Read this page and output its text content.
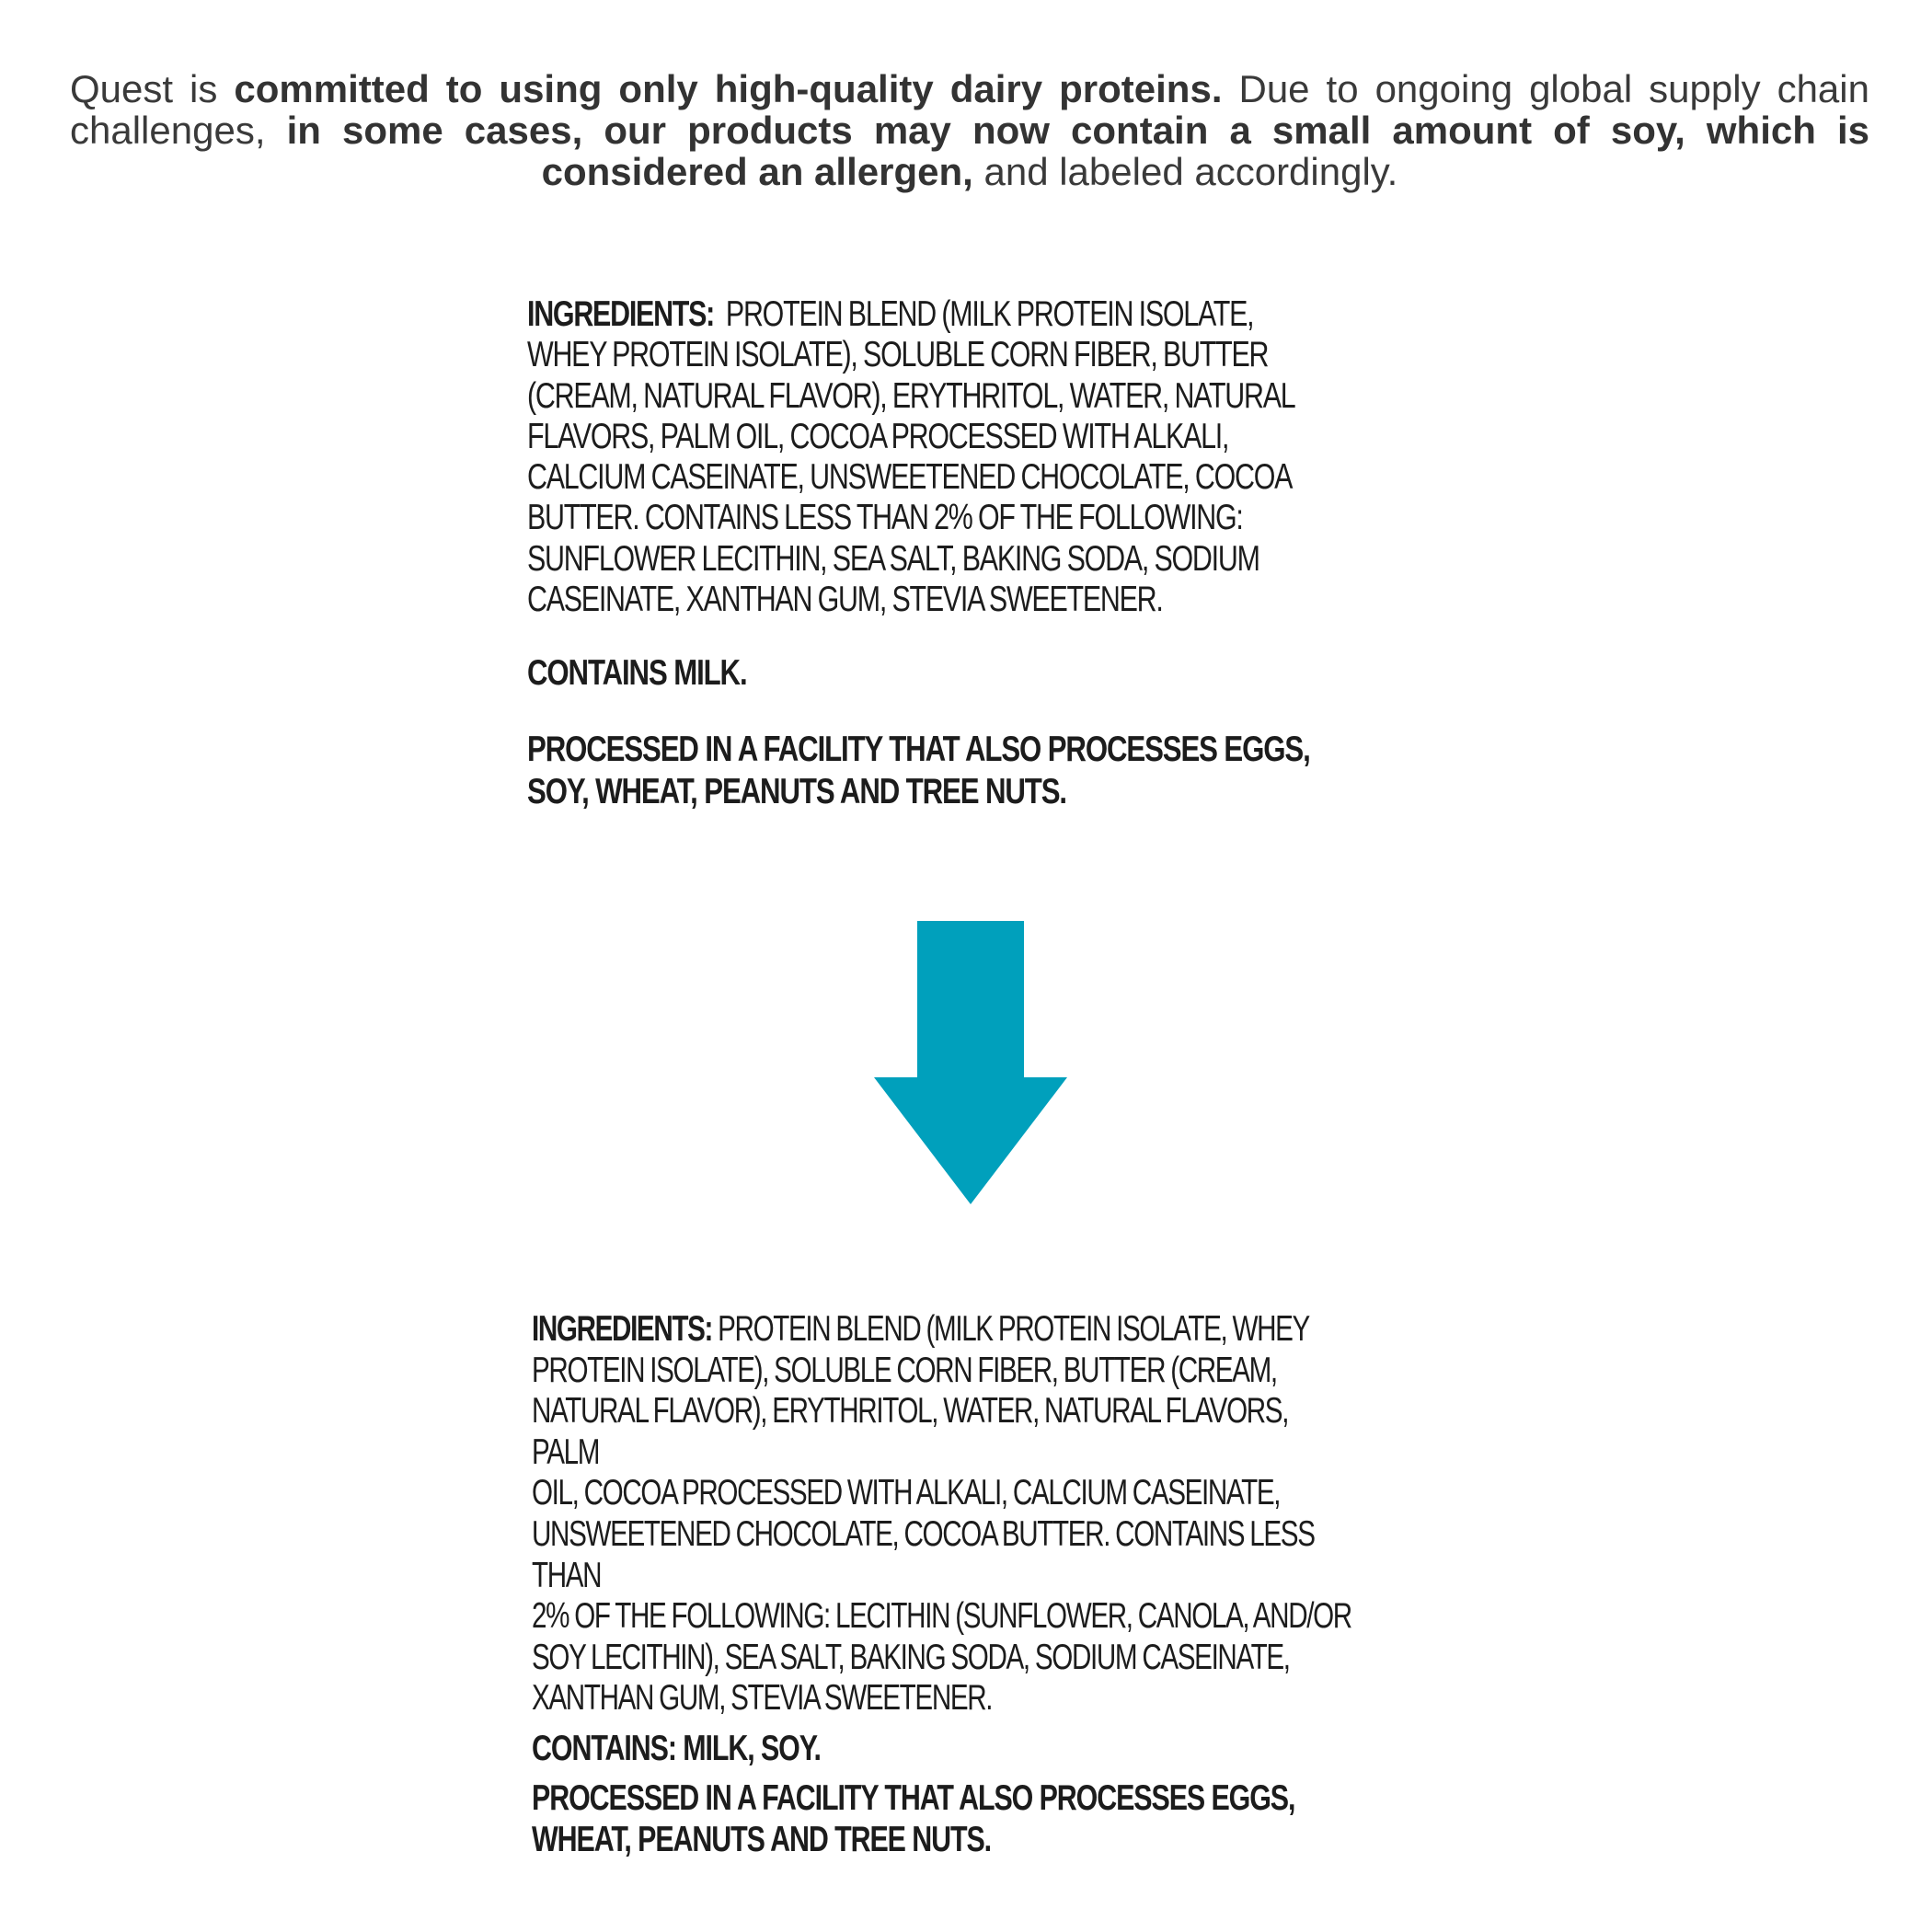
Quest is committed to using only high-quality dairy proteins. Due to ongoing global supply chain challenges, in some cases, our products may now contain a small amount of soy, which is considered an allergen, and labeled accordingly.

INGREDIENTS:  PROTEIN BLEND (MILK PROTEIN ISOLATE,
WHEY PROTEIN ISOLATE), SOLUBLE CORN FIBER, BUTTER
(CREAM, NATURAL FLAVOR), ERYTHRITOL, WATER, NATURAL
FLAVORS, PALM OIL, COCOA PROCESSED WITH ALKALI,
CALCIUM CASEINATE, UNSWEETENED CHOCOLATE, COCOA
BUTTER. CONTAINS LESS THAN 2% OF THE FOLLOWING:
SUNFLOWER LECITHIN, SEA SALT, BAKING SODA, SODIUM
CASEINATE, XANTHAN GUM, STEVIA SWEETENER.

CONTAINS MILK.

PROCESSED IN A FACILITY THAT ALSO PROCESSES EGGS,
SOY, WHEAT, PEANUTS AND TREE NUTS.

INGREDIENTS: PROTEIN BLEND (MILK PROTEIN ISOLATE, WHEY
PROTEIN ISOLATE), SOLUBLE CORN FIBER, BUTTER (CREAM,
NATURAL FLAVOR), ERYTHRITOL, WATER, NATURAL FLAVORS, PALM
OIL, COCOA PROCESSED WITH ALKALI, CALCIUM CASEINATE,
UNSWEETENED CHOCOLATE, COCOA BUTTER. CONTAINS LESS THAN
2% OF THE FOLLOWING: LECITHIN (SUNFLOWER, CANOLA, AND/OR
SOY LECITHIN), SEA SALT, BAKING SODA, SODIUM CASEINATE,
XANTHAN GUM, STEVIA SWEETENER.

CONTAINS: MILK, SOY.

PROCESSED IN A FACILITY THAT ALSO PROCESSES EGGS,
WHEAT, PEANUTS AND TREE NUTS.
